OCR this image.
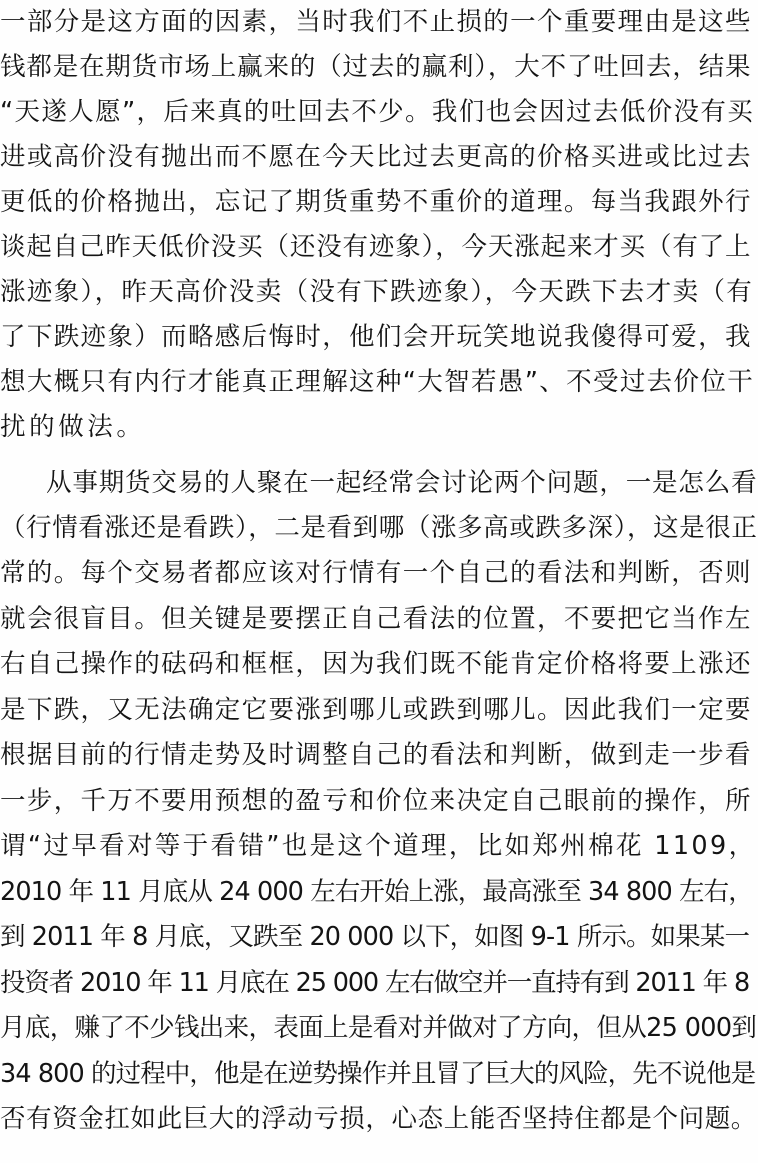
一部分是这方面的因素，当时我们不止损的一个重要理由是这些
钱都是在期货市场上赢来的（过去的赢利），大不了吐回去，结果
“天遂人愿”，后来真的吐回去不少。我们也会因过去低价没有买
进或高价没有抛出而不愿在今天比过去更高的价格买进或比过去
更低的价格抛出，忘记了期货重势不重价的道理。每当我跟外行
谈起自己昨天低价没买（还没有迹象），今天涨起来才买（有了上
涨迹象），昨天高价没卖（没有下跌迹象），今天跌下去才卖（有
了下跌迹象）而略感后悔时，他们会开玩笑地说我傻得可爱，我
想大概只有内行才能真正理解这种“大智若愚”、不受过去价位干
扰的做法。
从事期货交易的人聚在一起经常会讨论两个问题，一是怎么看
（行情看涨还是看跌），二是看到哪（涨多高或跌多深），这是很正
常的。每个交易者都应该对行情有一个自己的看法和判断，否则
就会很盲目。但关键是要摆正自己看法的位置，不要把它当作左
右自己操作的砝码和框框，因为我们既不能肯定价格将要上涨还
是下跌，又无法确定它要涨到哪儿或跌到哪儿。因此我们一定要
根据目前的行情走势及时调整自己的看法和判断，做到走一步看
一步，千万不要用预想的盈亏和价位来决定自己眼前的操作，所
谓“过早看对等于看错”也是这个道理，比如郑州棉花 1109，
2010 年 11 月底从 24 000 左右开始上涨，最高涨至 34 800 左右，
到 2011 年 8 月底，又跌至 20 000 以下，如图 9-1 所示。如果某一
投资者 2010 年 11 月底在 25 000 左右做空并一直持有到 2011 年 8
月底，赚了不少钱出来，表面上是看对并做对了方向，但从25 000到
34 800 的过程中，他是在逆势操作并且冒了巨大的风险，先不说他是
否有资金扛如此巨大的浮动亏损，心态上能否坚持住都是个问题。
